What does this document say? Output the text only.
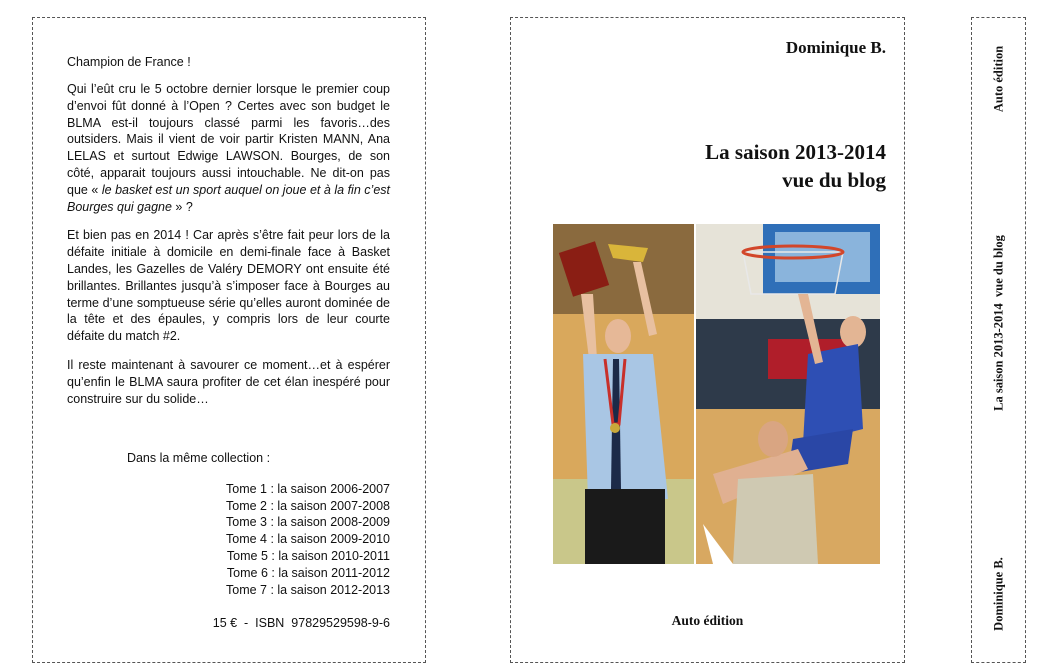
Champion de France !

Qui l’eût cru le 5 octobre dernier lorsque le premier coup d’envoi fût donné à l’Open ? Certes avec son budget le BLMA est-il toujours classé parmi les favoris…des outsiders. Mais il vient de voir partir Kristen MANN, Ana LELAS et surtout Edwige LAWSON. Bourges, de son côté, apparait toujours aussi intouchable. Ne dit-on pas que « le basket est un sport auquel on joue et à la fin c’est Bourges qui gagne » ?

Et bien pas en 2014 ! Car après s’être fait peur lors de la défaite initiale à domicile en demi-finale face à Basket Landes, les Gazelles de Valéry DEMORY ont ensuite été brillantes. Brillantes jusqu’à s’imposer face à Bourges au terme d’une somptueuse série qu’elles auront dominée de la tête et des épaules, y compris lors de leur courte défaite du match #2.

Il reste maintenant à savourer ce moment…et à espérer qu’enfin le BLMA saura profiter de cet élan inespéré pour construire sur du solide…

Dans la même collection :
Tome 1 : la saison 2006-2007
Tome 2 : la saison 2007-2008
Tome 3 : la saison 2008-2009
Tome 4 : la saison 2009-2010
Tome 5 : la saison 2010-2011
Tome 6 : la saison 2011-2012
Tome 7 : la saison 2012-2013
15 €  -  ISBN  97829529598-9-6
Dominique B.
La saison 2013-2014
vue du blog
Auto édition
Auto édition
La saison 2013-2014  vue du blog
Dominique B.
